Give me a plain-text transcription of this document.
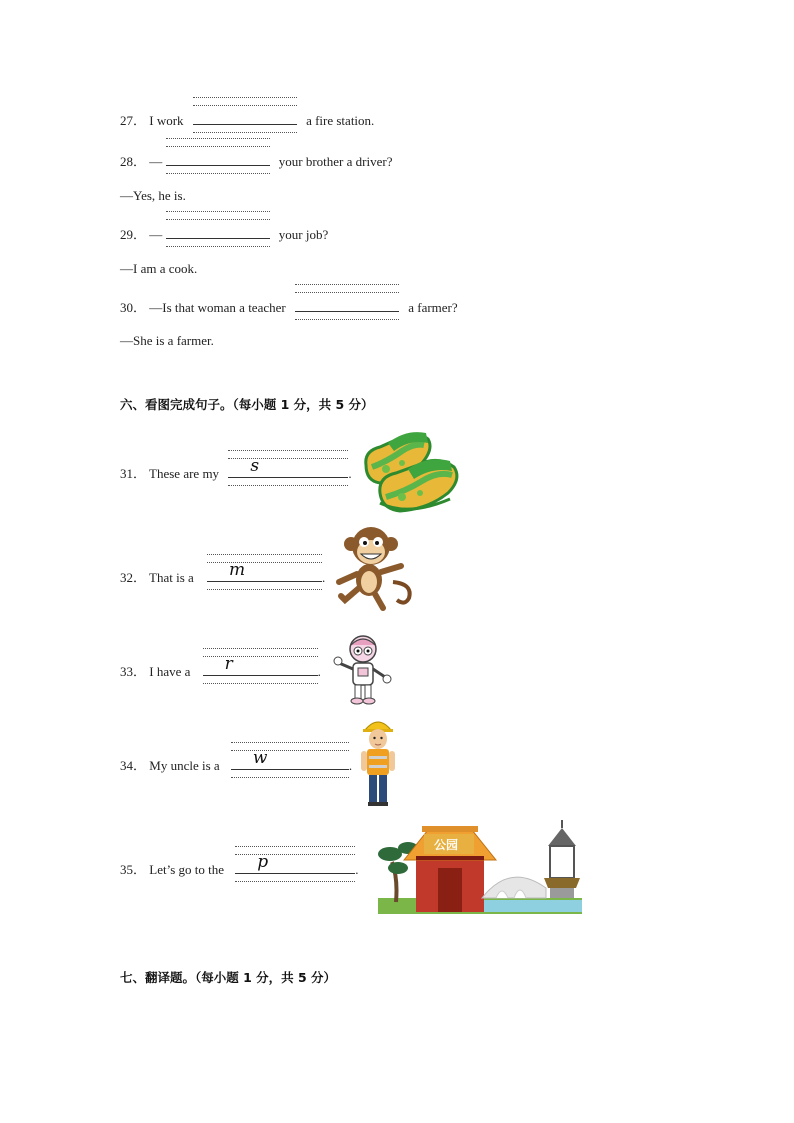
27． I work	a fire station.
28． —	your brother a driver?
—Yes, he is.
29． —	your job?
—I am a cook.
30． —Is that woman a teacher	a farmer?
—She is a farmer.
六、看图完成句子。（每小题 1 分，共 5 分）
31． These are my s	.
32． That is a m	.
33． I have a r	.
34． My uncle is a w	.
35． Let’s go to the p	.
公园
七、翻译题。（每小题 1 分，共 5 分）
